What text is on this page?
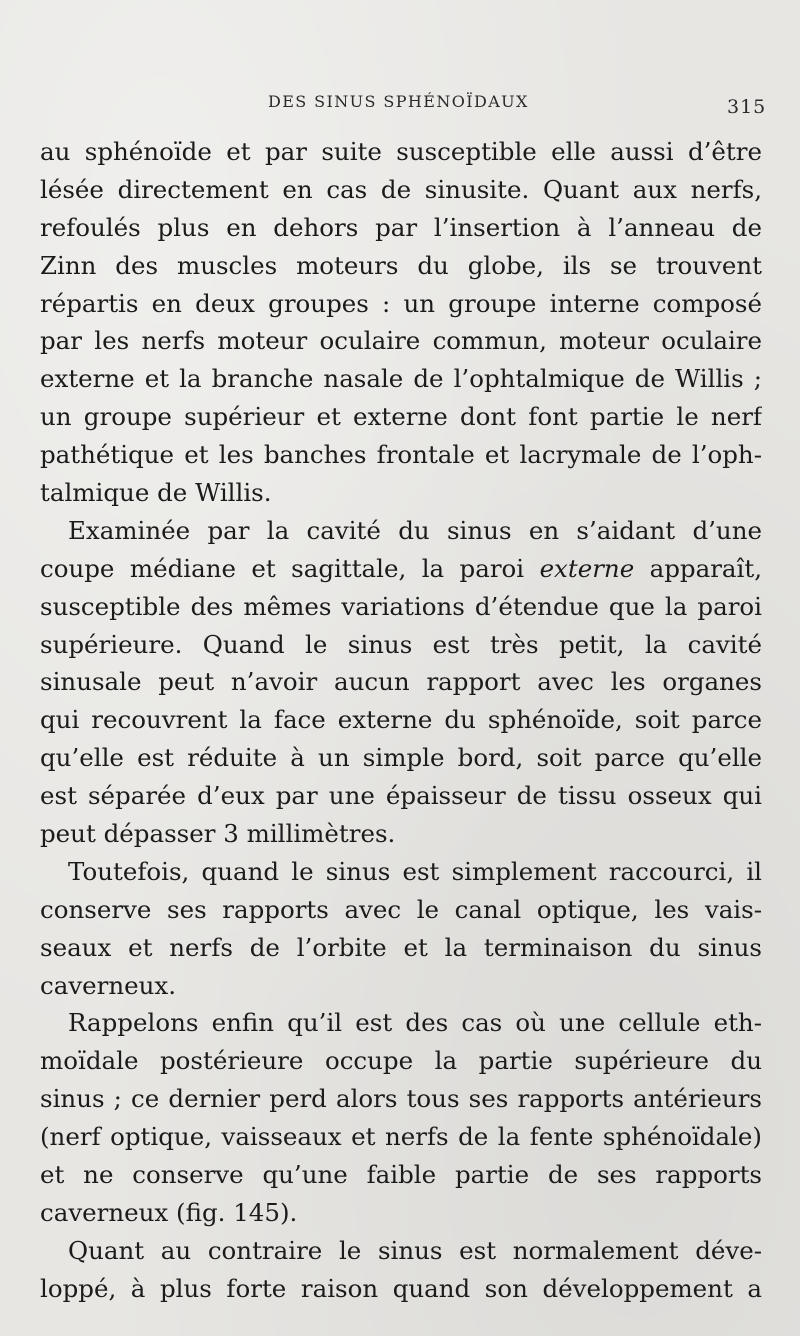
DES SINUS SPHÉNOÏDAUX	315
au sphénoïde et par suite susceptible elle aussi d’être
lésée directement en cas de sinusite. Quant aux nerfs,
refoulés plus en dehors par l’insertion à l’anneau de
Zinn des muscles moteurs du globe, ils se trouvent
répartis en deux groupes : un groupe interne composé
par les nerfs moteur oculaire commun, moteur oculaire
externe et la branche nasale de l’ophtalmique de Willis ;
un groupe supérieur et externe dont font partie le nerf
pathétique et les banches frontale et lacrymale de l’oph-
talmique de Willis.
Examinée par la cavité du sinus en s’aidant d’une
coupe médiane et sagittale, la paroi externe apparaît,
susceptible des mêmes variations d’étendue que la paroi
supérieure. Quand le sinus est très petit, la cavité
sinusale peut n’avoir aucun rapport avec les organes
qui recouvrent la face externe du sphénoïde, soit parce
qu’elle est réduite à un simple bord, soit parce qu’elle
est séparée d’eux par une épaisseur de tissu osseux qui
peut dépasser 3 millimètres.
Toutefois, quand le sinus est simplement raccourci, il
conserve ses rapports avec le canal optique, les vais-
seaux et nerfs de l’orbite et la terminaison du sinus
caverneux.
Rappelons enfin qu’il est des cas où une cellule eth-
moïdale postérieure occupe la partie supérieure du
sinus ; ce dernier perd alors tous ses rapports antérieurs
(nerf optique, vaisseaux et nerfs de la fente sphénoïdale)
et ne conserve qu’une faible partie de ses rapports
caverneux (fig. 145).
Quant au contraire le sinus est normalement déve-
loppé, à plus forte raison quand son développement a
